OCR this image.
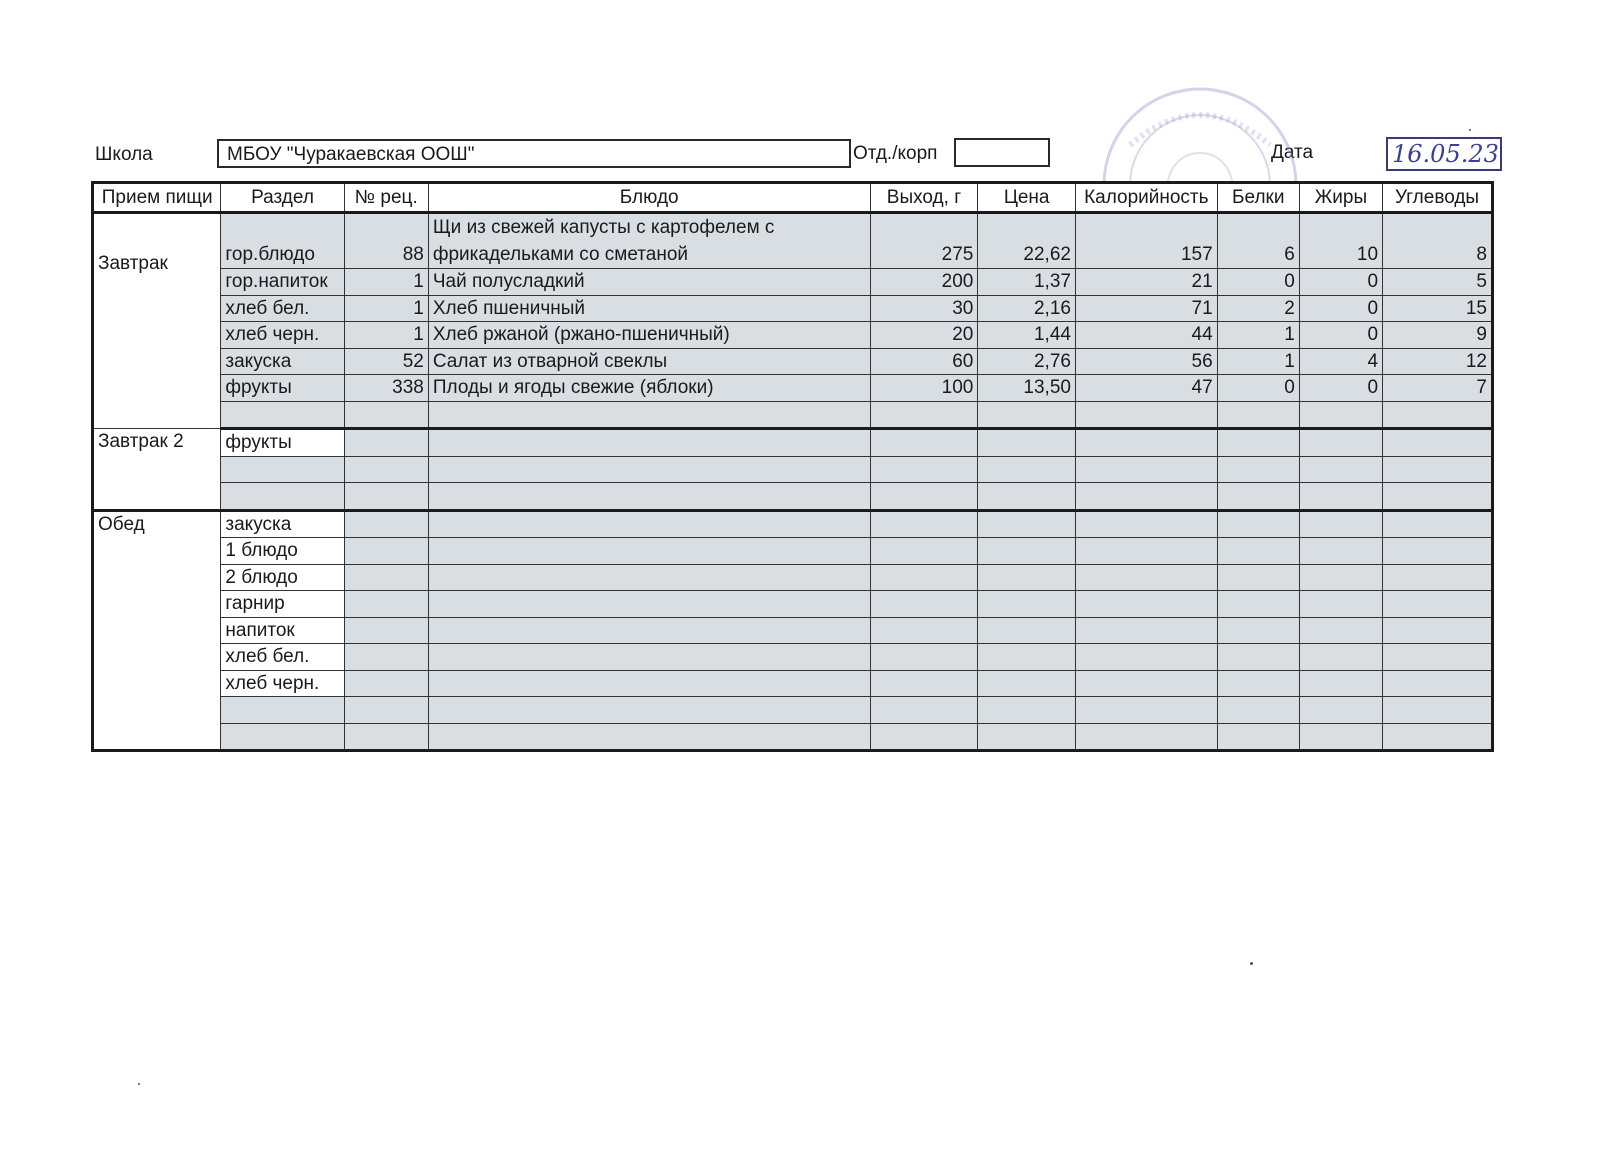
Школа	МБОУ "Чуракаевская ООШ"	Отд./корп	Дата	16.05.23
Прием пищи	Раздел	№ рец.	Блюдо	Выход, г	Цена	Калорийность	Белки	Жиры	Углеводы
Завтрак	гор.блюдо	88	Щи из свежей капусты с картофелем с фрикадельками со сметаной	275	22,62	157	6	10	8
	гор.напиток	1	Чай полусладкий	200	1,37	21	0	0	5
	хлеб бел.	1	Хлеб пшеничный	30	2,16	71	2	0	15
	хлеб черн.	1	Хлеб ржаной (ржано-пшеничный)	20	1,44	44	1	0	9
	закуска	52	Салат из отварной свеклы	60	2,76	56	1	4	12
	фрукты	338	Плоды и ягоды свежие (яблоки)	100	13,50	47	0	0	7

Завтрак 2	фрукты								

Обед	закуска								
	1 блюдо								
	2 блюдо								
	гарнир								
	напиток								
	хлеб бел.								
	хлеб черн.								
